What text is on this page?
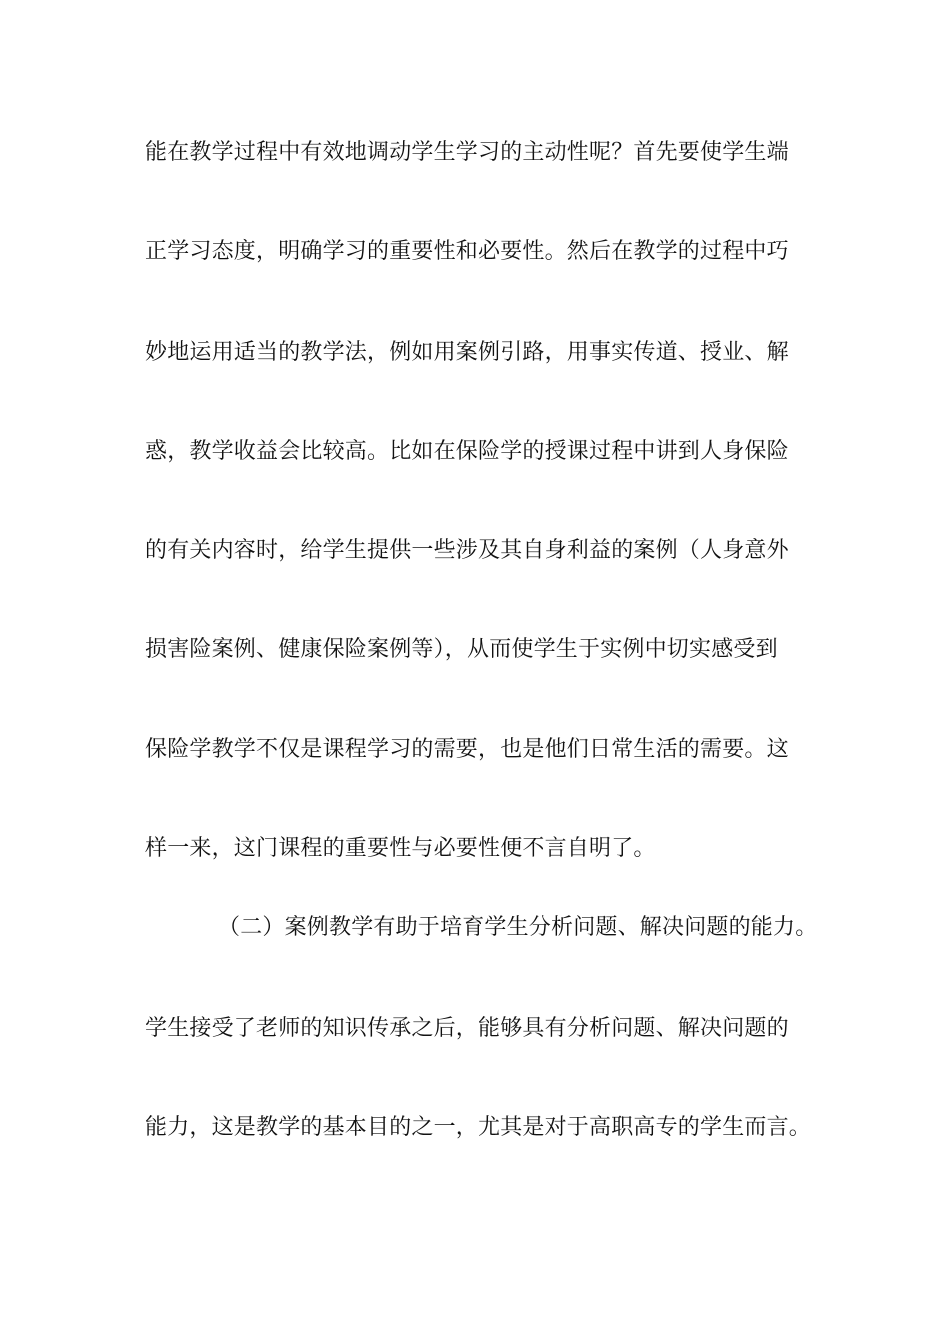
能在教学过程中有效地调动学生学习的主动性呢？首先要使学生端
正学习态度，明确学习的重要性和必要性。然后在教学的过程中巧
妙地运用适当的教学法，例如用案例引路，用事实传道、授业、解
惑，教学收益会比较高。比如在保险学的授课过程中讲到人身保险
的有关内容时，给学生提供一些涉及其自身利益的案例（人身意外
损害险案例、健康保险案例等），从而使学生于实例中切实感受到
保险学教学不仅是课程学习的需要，也是他们日常生活的需要。这
样一来，这门课程的重要性与必要性便不言自明了。
（二）案例教学有助于培育学生分析问题、解决问题的能力。
学生接受了老师的知识传承之后，能够具有分析问题、解决问题的
能力，这是教学的基本目的之一，尤其是对于高职高专的学生而言。
